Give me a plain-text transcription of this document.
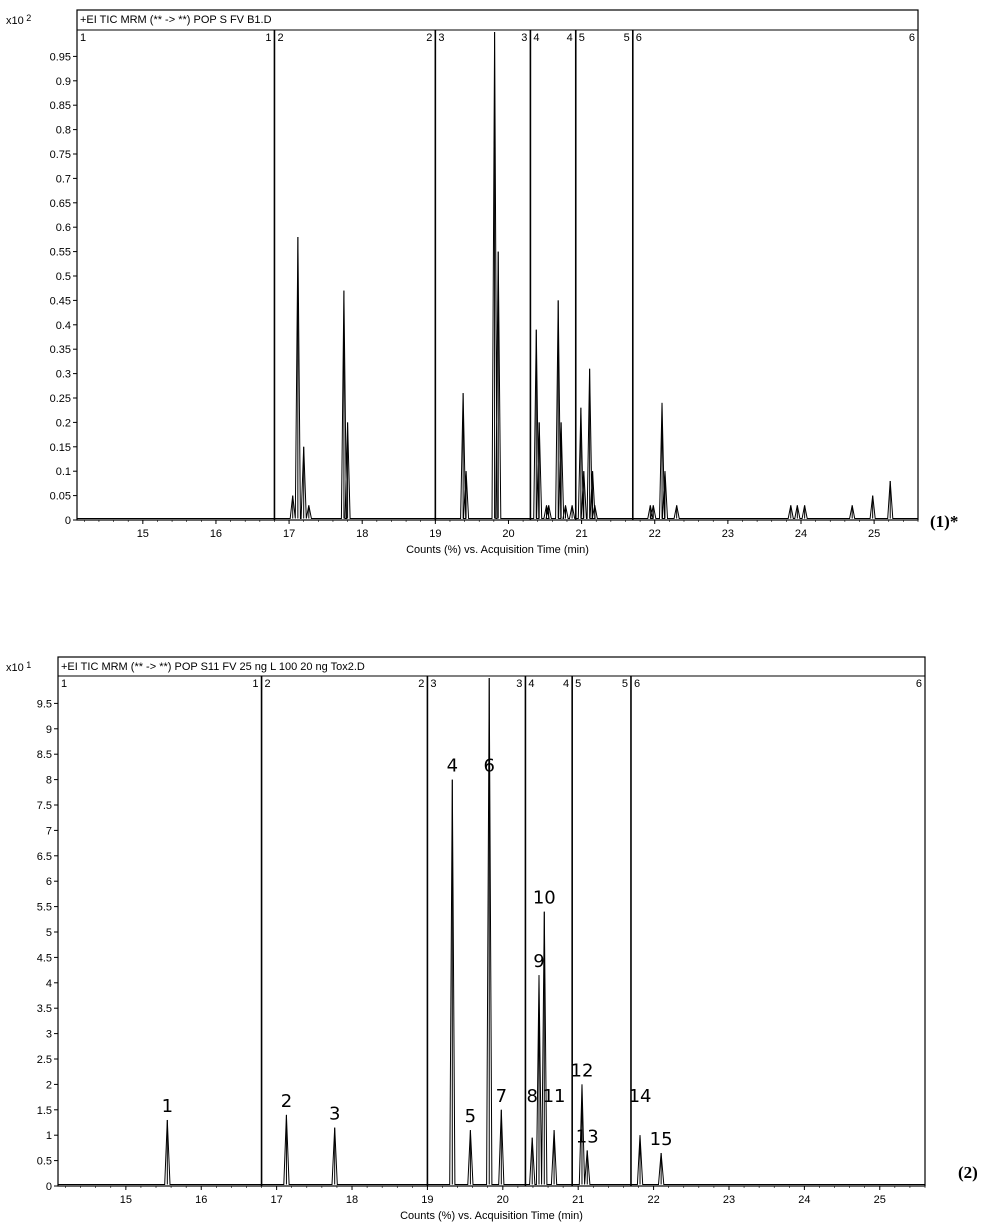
+EI TIC MRM (** -> **) POP S FV B1.D
x10 $^2$
0
0.05
0.1
0.15
0.2
0.25
0.3
0.35
0.4
0.45
0.5
0.55
0.6
0.65
0.7
0.75
0.8
0.85
0.9
0.95
15	16	17	18	19	20	21	22	23	24	25
Counts (%) vs. Acquisition Time (min)
1	1 2	2 3	3 4 4 5	5 6	6
(1)*
+EI TIC MRM (** -> **) POP S11 FV 25 ng L 100 20 ng Tox2.D
x10 $^1$
0
0.5
1
1.5
2
2.5
3
3.5
4
4.5
5
5.5
6
6.5
7
7.5
8
8.5
9
9.5
15	16	17	18	19	20	21	22	23	24	25
Counts (%) vs. Acquisition Time (min)
1	1 2	2 3	3 4	4 5	5 6	6
1	2
3
4
5
6
7 8
9
10
11
12
13
14
15
(2)
